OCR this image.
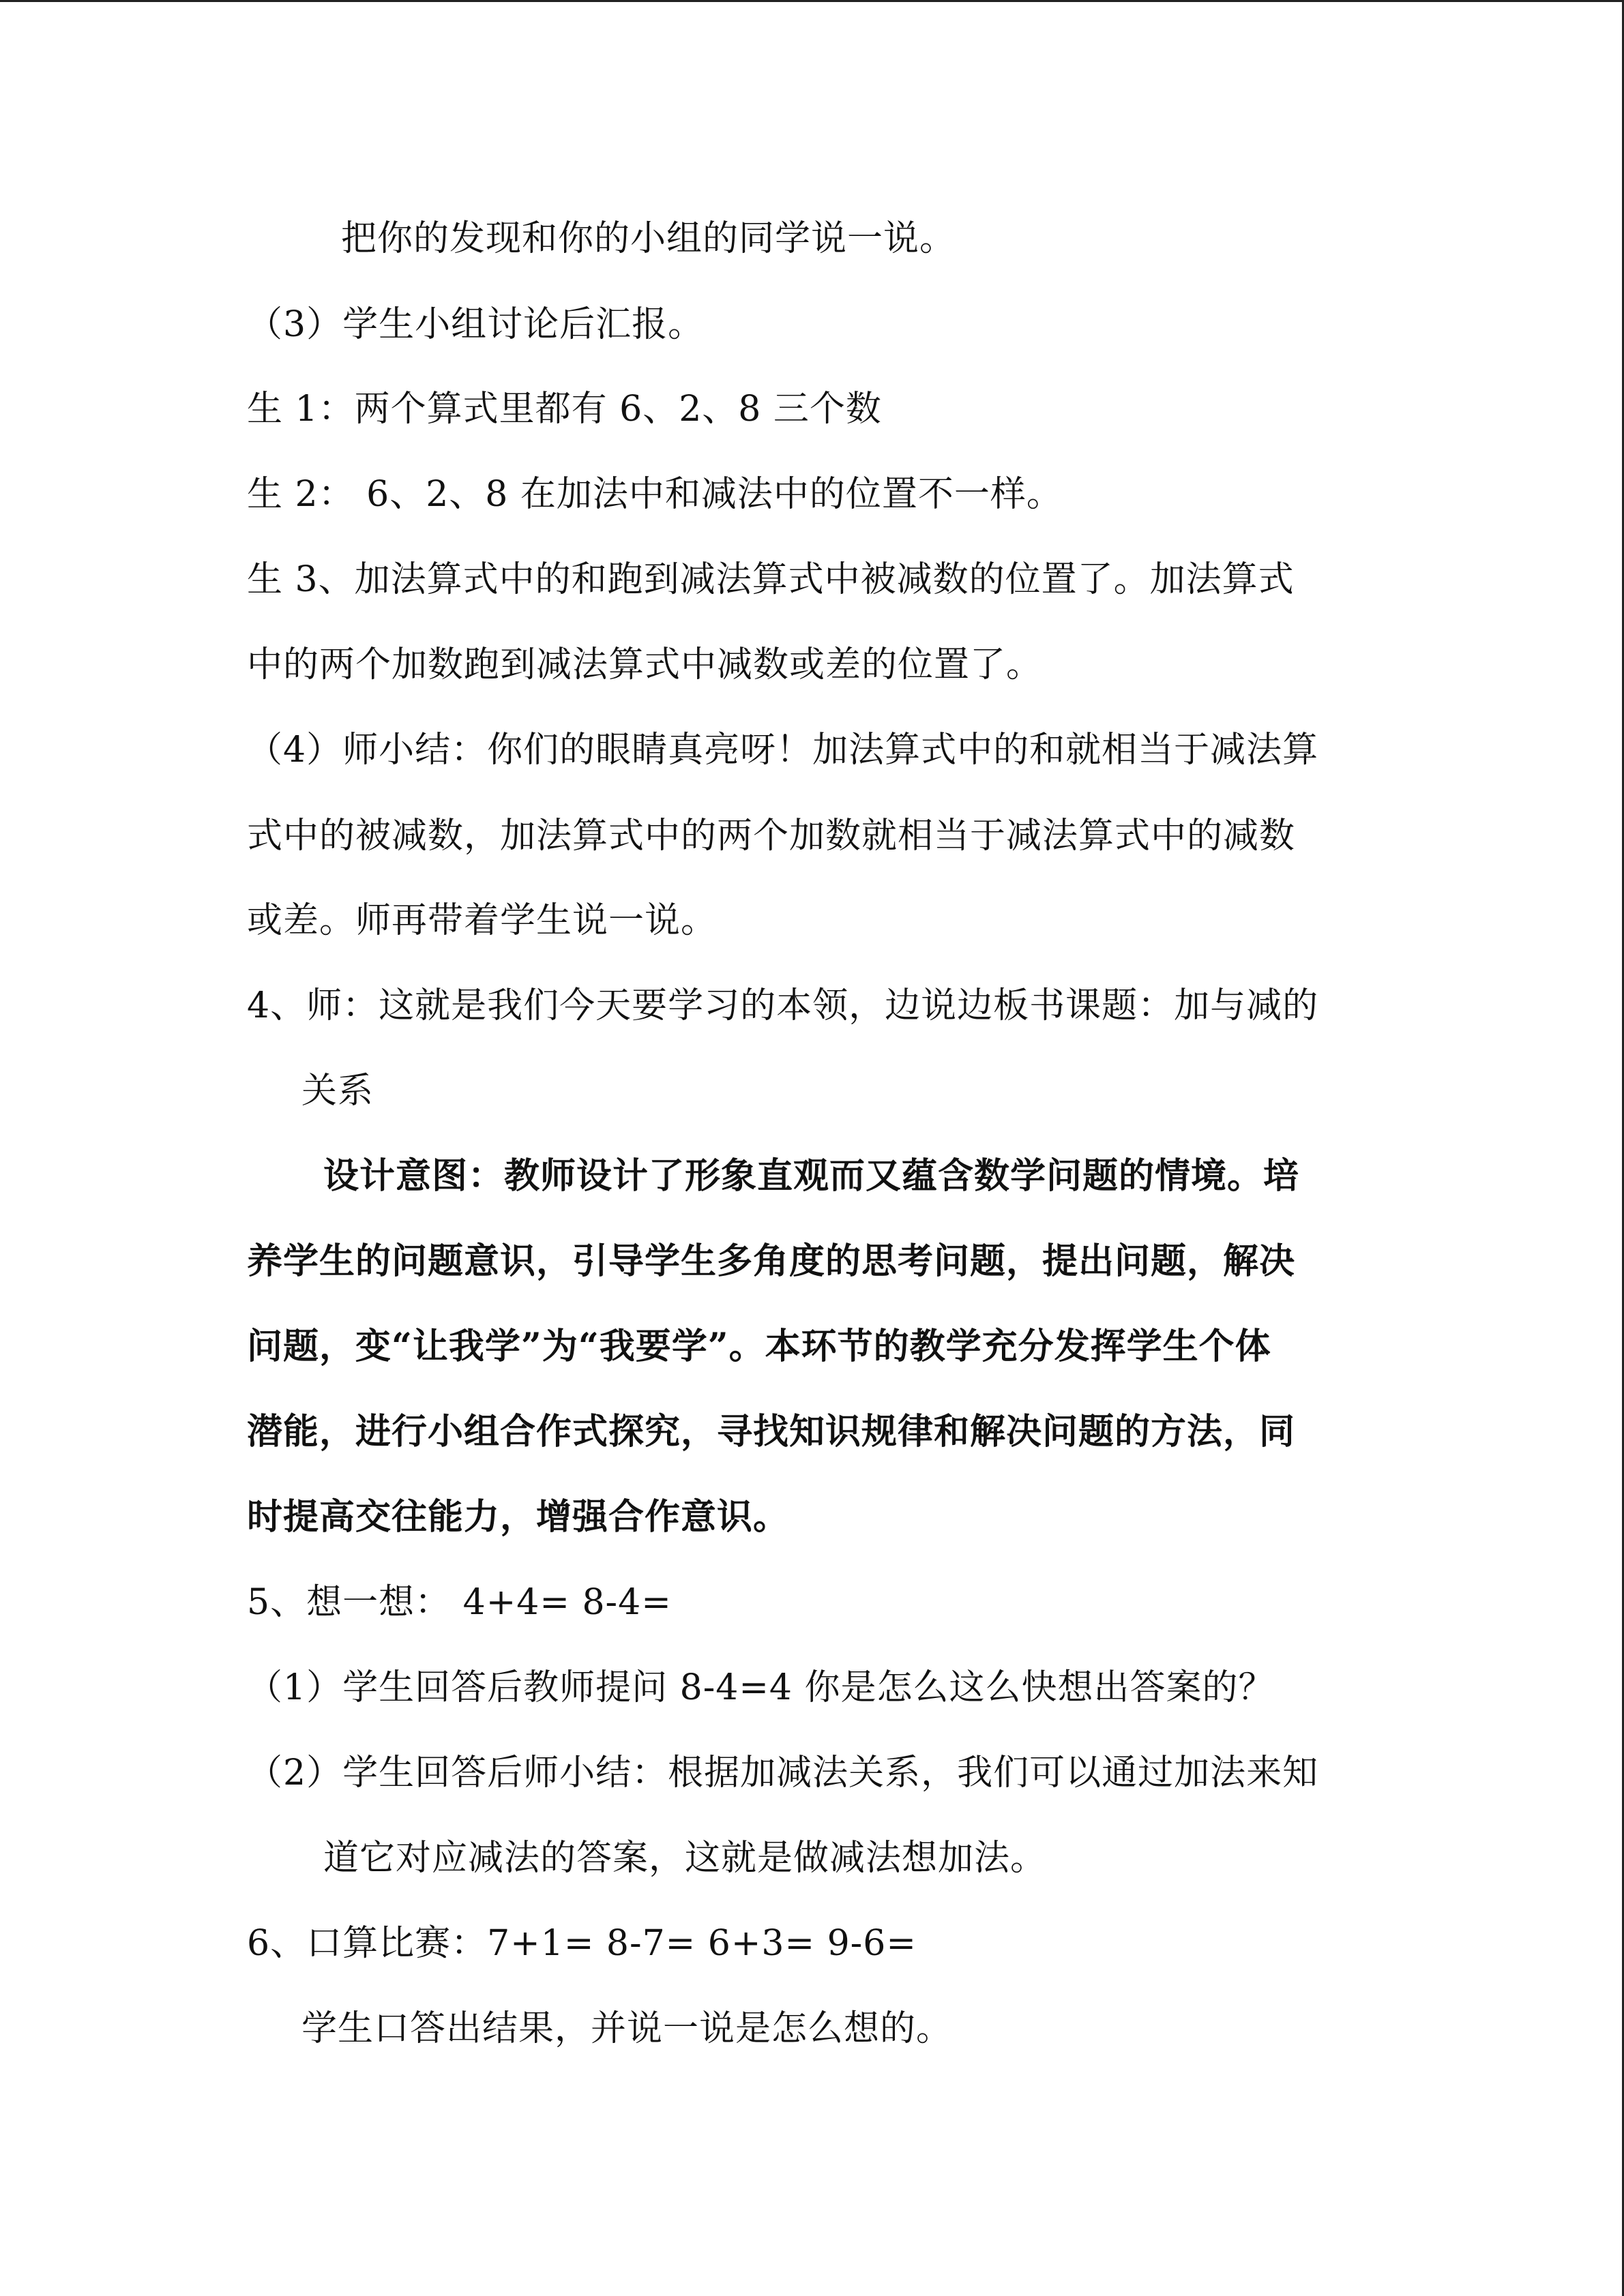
把你的发现和你的小组的同学说一说。
（3）学生小组讨论后汇报。
生 1：两个算式里都有 6、2、8 三个数
生 2： 6、2、8 在加法中和减法中的位置不一样。
生 3、加法算式中的和跑到减法算式中被减数的位置了。加法算式
中的两个加数跑到减法算式中减数或差的位置了。
（4）师小结：你们的眼睛真亮呀！加法算式中的和就相当于减法算
式中的被减数，加法算式中的两个加数就相当于减法算式中的减数
或差。师再带着学生说一说。
4、师：这就是我们今天要学习的本领，边说边板书课题：加与减的
关系
设计意图：教师设计了形象直观而又蕴含数学问题的情境。培
养学生的问题意识，引导学生多角度的思考问题，提出问题，解决
问题，变“让我学”为“我要学”。本环节的教学充分发挥学生个体
潜能，进行小组合作式探究，寻找知识规律和解决问题的方法，同
时提高交往能力，增强合作意识。
5、想一想： 4+4= 8-4=
（1）学生回答后教师提问 8-4=4 你是怎么这么快想出答案的？
（2）学生回答后师小结：根据加减法关系，我们可以通过加法来知
道它对应减法的答案，这就是做减法想加法。
6、口算比赛：7+1= 8-7= 6+3= 9-6=
学生口答出结果，并说一说是怎么想的。
